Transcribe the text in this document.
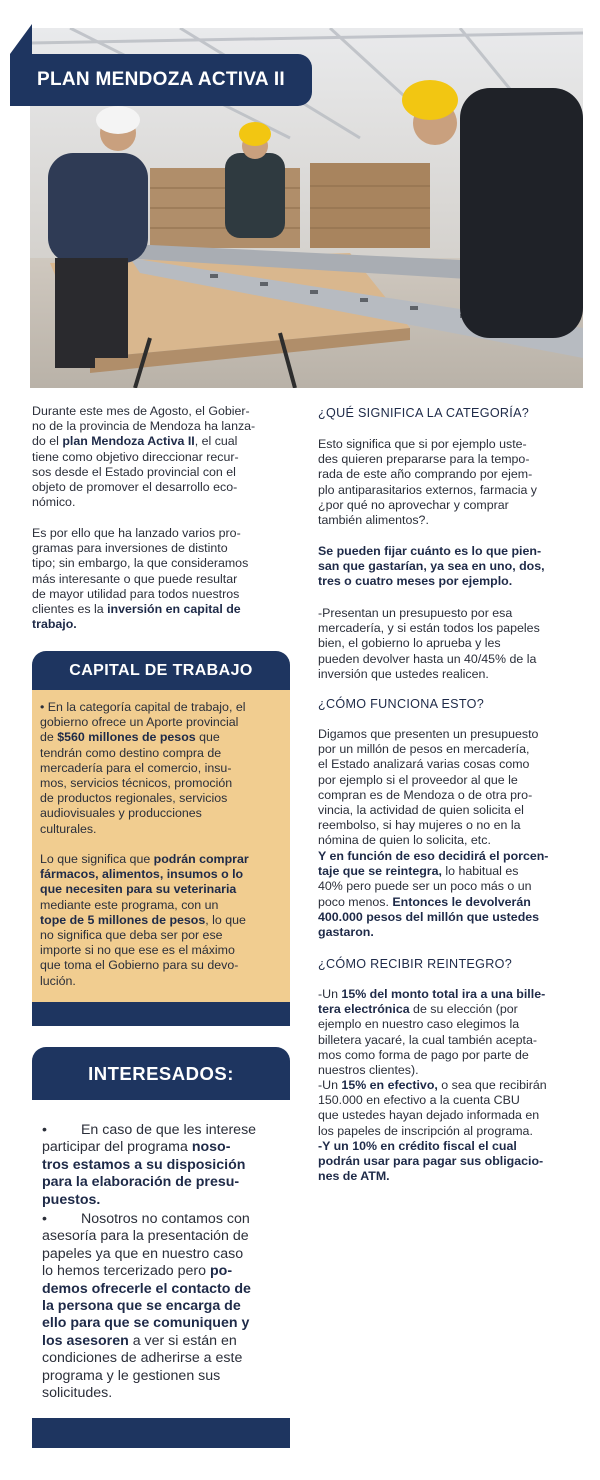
PLAN MENDOZA ACTIVA II

Durante este mes de Agosto, el Gobier-
no de la provincia de Mendoza ha lanza-
do el plan Mendoza Activa II, el cual
tiene como objetivo direccionar recur-
sos desde el Estado provincial con el
objeto de promover el desarrollo eco-
nómico.

Es por ello que ha lanzado varios pro-
gramas para inversiones de distinto
tipo; sin embargo, la que consideramos
más interesante o que puede resultar
de mayor utilidad para todos nuestros
clientes es la inversión en capital de
trabajo.

CAPITAL DE TRABAJO

• En la categoría capital de trabajo, el
gobierno ofrece un Aporte provincial
de $560 millones de pesos que
tendrán como destino compra de
mercadería para el comercio, insu-
mos, servicios técnicos, promoción
de productos regionales, servicios
audiovisuales y producciones
culturales.

Lo que significa que podrán comprar
fármacos, alimentos, insumos o lo
que necesiten para su veterinaria
mediante este programa, con un
tope de 5 millones de pesos, lo que
no significa que deba ser por ese
importe si no que ese es el máximo
que toma el Gobierno para su devo-
lución.

INTERESADOS:

• En caso de que les interese
participar del programa noso-
tros estamos a su disposición
para la elaboración de presu-
puestos.

• Nosotros no contamos con
asesoría para la presentación de
papeles ya que en nuestro caso
lo hemos tercerizado pero po-
demos ofrecerle el contacto de
la persona que se encarga de
ello para que se comuniquen y
los asesoren a ver si están en
condiciones de adherirse a este
programa y le gestionen sus
solicitudes.

¿QUÉ SIGNIFICA LA CATEGORÍA?

Esto significa que si por ejemplo uste-
des quieren prepararse para la tempo-
rada de este año comprando por ejem-
plo antiparasitarios externos, farmacia y
¿por qué no aprovechar y comprar
también alimentos?.

Se pueden fijar cuánto es lo que pien-
san que gastarían, ya sea en uno, dos,
tres o cuatro meses por ejemplo.

-Presentan un presupuesto por esa
mercadería, y si están todos los papeles
bien, el gobierno lo aprueba y les
pueden devolver hasta un 40/45% de la
inversión que ustedes realicen.

¿CÓMO FUNCIONA ESTO?

Digamos que presenten un presupuesto
por un millón de pesos en mercadería,
el Estado analizará varias cosas como
por ejemplo si el proveedor al que le
compran es de Mendoza o de otra pro-
vincia, la actividad de quien solicita el
reembolso, si hay mujeres o no en la
nómina de quien lo solicita, etc.

Y en función de eso decidirá el porcen-
taje que se reintegra, lo habitual es
40% pero puede ser un poco más o un
poco menos. Entonces le devolverán
400.000 pesos del millón que ustedes
gastaron.

¿CÓMO RECIBIR REINTEGRO?

-Un 15% del monto total ira a una bille-
tera electrónica de su elección (por
ejemplo en nuestro caso elegimos la
billetera yacaré, la cual también acepta-
mos como forma de pago por parte de
nuestros clientes).

-Un 15% en efectivo, o sea que recibirán
150.000 en efectivo a la cuenta CBU
que ustedes hayan dejado informada en
los papeles de inscripción al programa.

-Y un 10% en crédito fiscal el cual
podrán usar para pagar sus obligacio-
nes de ATM.
